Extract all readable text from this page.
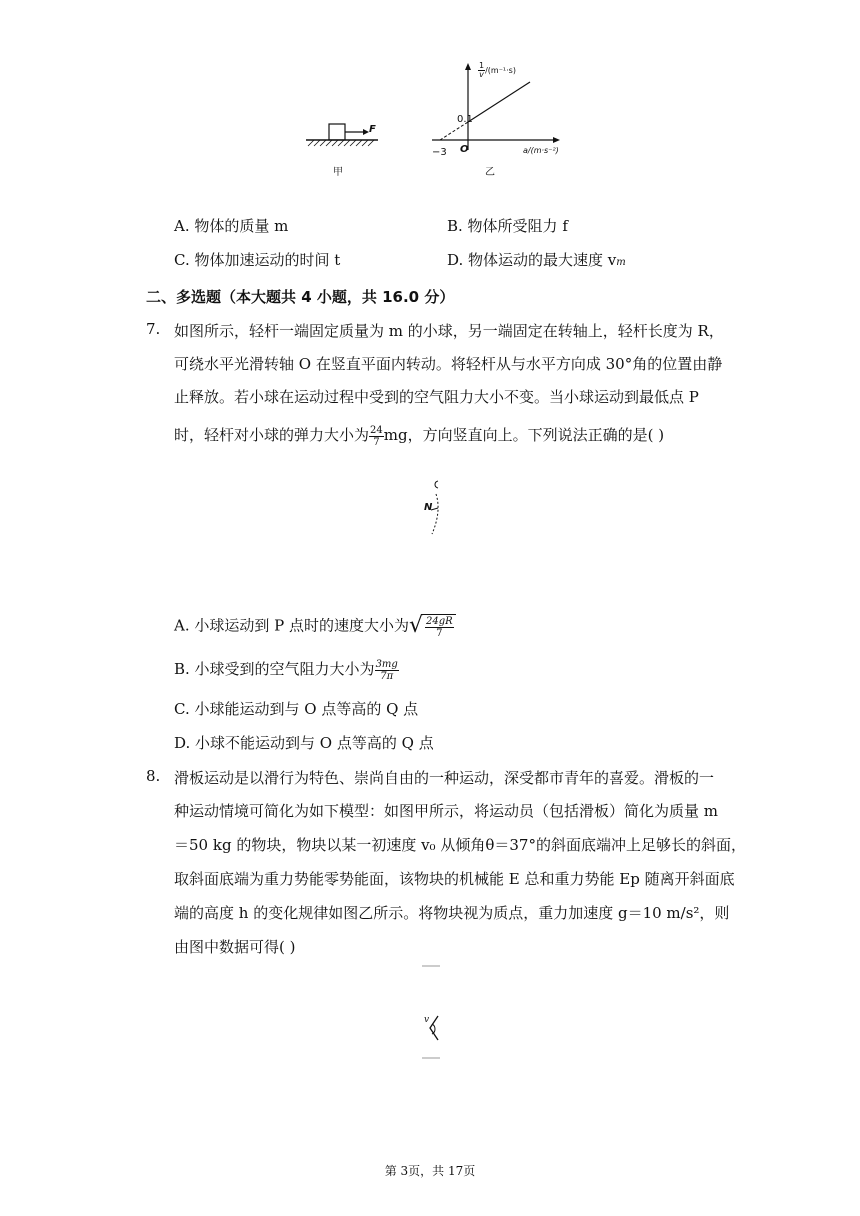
F
甲	乙
0.1
−3 O	a/(m·s⁻²)
$\frac{1}{v} /(m^{-1}\cdot s)$
A. 物体的质量 m	B. 物体所受阻力 f
C. 物体加速运动的时间 t	D. 物体运动的最大速度 vm
二、多选题（本大题共 4 小题，共 16.0 分）
7. 如图所示，轻杆一端固定质量为 m 的小球，另一端固定在转轴上，轻杆长度为 R，
可绕水平光滑转轴 O 在竖直平面内转动。将轻杆从与水平方向成 30°角的位置由静
止释放。若小球在运动过程中受到的空气阻力大小不变。当小球运动到最低点 P
时，轻杆对小球的弹力大小为 $\frac{24}{7}$ mg，方向竖直向上。下列说法正确的是( )
N
A. 小球运动到 P 点时的速度大小为√ $\frac{24gR}{7}$
B. 小球受到的空气阻力大小为 $\frac{3mg}{7\pi}$
C. 小球能运动到与 O 点等高的 Q 点
D. 小球不能运动到与 O 点等高的 Q 点
8. 滑板运动是以滑行为特色、崇尚自由的一种运动，深受都市青年的喜爱。滑板的一
种运动情境可简化为如下模型：如图甲所示，将运动员（包括滑板）简化为质量 m
＝50 kg 的物块，物块以某一初速度 v₀ 从倾角θ＝37°的斜面底端冲上足够长的斜面，
取斜面底端为重力势能零势能面，该物块的机械能 E 总和重力势能 Ep 随离开斜面底
端的高度 h 的变化规律如图乙所示。将物块视为质点，重力加速度 g＝10 m/s²，则
由图中数据可得( )
v
第 3页，共 17页
